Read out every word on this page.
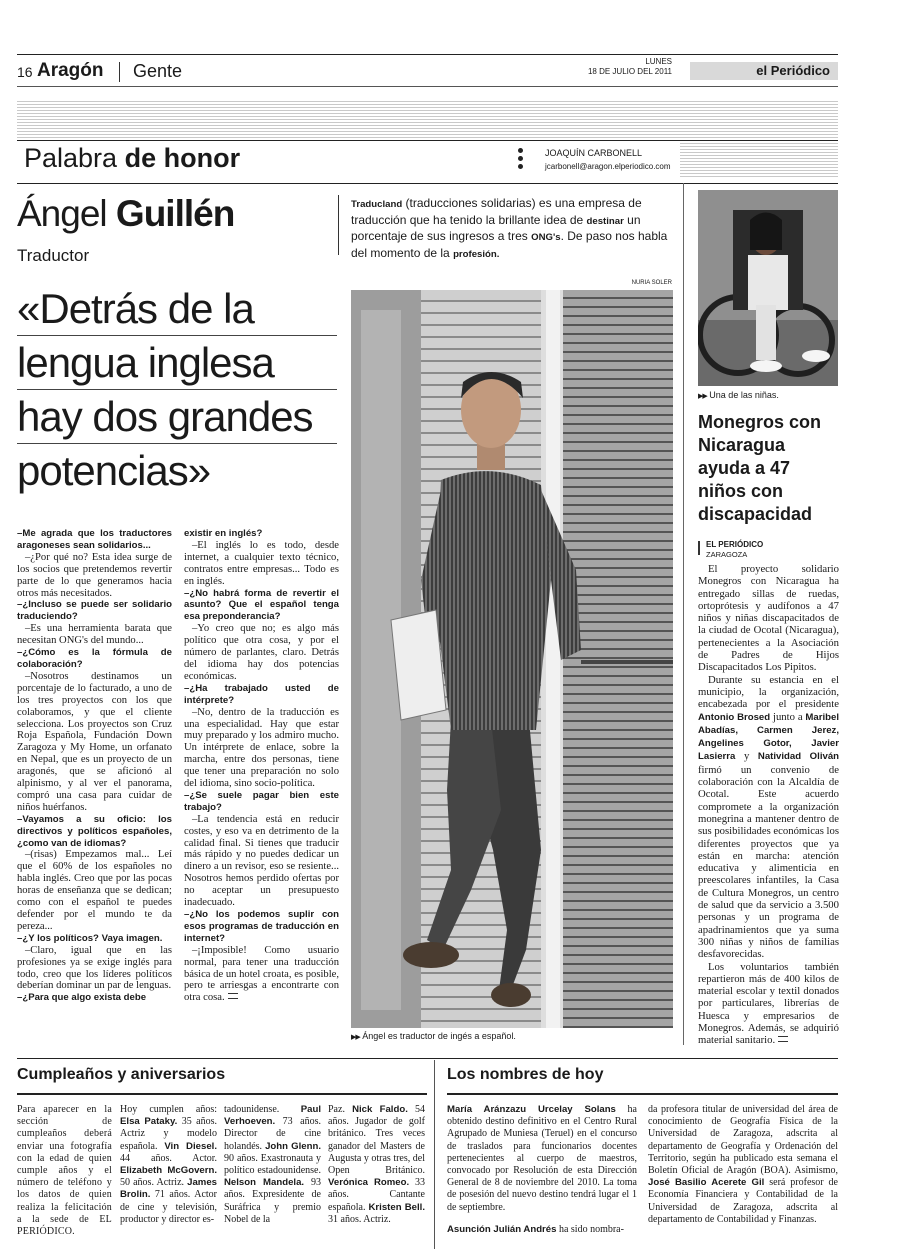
16 Aragón Gente	LUNES
18 DE JULIO DEL 2011	el Periódico
Palabra de honor	JOAQUÍN CARBONELL
jcarbonell@aragon.elperiodico.com
Ángel Guillén
Traductor

Traducland (traducciones solidarias) es una empresa de traducción que ha tenido la brillante idea de destinar un porcentaje de sus ingresos a tres ONG's. De paso nos habla del momento de la profesión.

«Detrás de la
lengua inglesa
hay dos grandes
potencias»
NURIA SOLER
▶▶ Ángel es traductor de ingés a español.

–Me agrada que los traductores aragoneses sean solidarios...

–¿Por qué no? Esta idea surge de los socios que pretendemos revertir parte de lo que generamos hacia otros más necesitados.

–¿Incluso se puede ser solidario traduciendo?

–Es una herramienta barata que necesitan ONG's del mundo...

–¿Cómo es la fórmula de colaboración?

–Nosotros destinamos un porcentaje de lo facturado, a uno de los tres proyectos con los que colaboramos, y que el cliente selecciona. Los proyectos son Cruz Roja Española, Fundación Down Zaragoza y My Home, un orfanato en Nepal, que es un proyecto de un aragonés, que se aficionó al alpinismo, y al ver el panorama, compró una casa para cuidar de niños huérfanos.

–Vayamos a su oficio: los directivos y políticos españoles, ¿como van de idiomas?

–(risas) Empezamos mal... Leí que el 60% de los españoles no habla inglés. Creo que por las pocas horas de enseñanza que se dedican; como con el español te puedes defender por el mundo te da pereza...

–¿Y los políticos? Vaya imagen.

–Claro, igual que en las profesiones ya se exige inglés para todo, creo que los líderes políticos deberían dominar un par de lenguas.

–¿Para que algo exista debe

existir en inglés?

–El inglés lo es todo, desde internet, a cualquier texto técnico, contratos entre empresas... Todo es en inglés.

–¿No habrá forma de revertir el asunto? Que el español tenga esa preponderancia?

–Yo creo que no; es algo más político que otra cosa, y por el número de parlantes, claro. Detrás del idioma hay dos potencias económicas.

–¿Ha trabajado usted de intérprete?

–No, dentro de la traducción es una especialidad. Hay que estar muy preparado y los admiro mucho. Un intérprete de enlace, sobre la marcha, entre dos personas, tiene que tener una preparación no solo del idioma, sino socio-política.

–¿Se suele pagar bien este trabajo?

–La tendencia está en reducir costes, y eso va en detrimento de la calidad final. Si tienes que traducir más rápido y no puedes dedicar un dinero a un revisor, eso se resiente... Nosotros hemos perdido ofertas por no aceptar un presupuesto inadecuado.

–¿No los podemos suplir con esos programas de traducción en internet?

–¡Imposible! Como usuario normal, para tener una traducción básica de un hotel croata, es posible, pero te arriesgas a encontrarte con otra cosa.

▶▶ Una de las niñas.
Monegros con Nicaragua ayuda a 47 niños con discapacidad
EL PERIÓDICO
ZARAGOZA

El proyecto solidario Monegros con Nicaragua ha entregado sillas de ruedas, ortoprótesis y audífonos a 47 niños y niñas discapacitados de la ciudad de Ocotal (Nicaragua), pertenecientes a la Asociación de Padres de Hijos Discapacitados Los Pipitos.

Durante su estancia en el municipio, la organización, encabezada por el presidente Antonio Brosed junto a Maribel Abadías, Carmen Jerez, Angelines Gotor, Javier Lasierra y Natividad Oliván firmó un convenio de colaboración con la Alcaldía de Ocotal. Este acuerdo compromete a la organización monegrina a mantener dentro de sus posibilidades económicas los diferentes proyectos que ya están en marcha: atención educativa y alimenticia en preescolares infantiles, la Casa de Cultura Monegros, un centro de salud que da servicio a 3.500 personas y un programa de apadrinamientos que ya suma 300 niñas y niños de familias desfavorecidas.

Los voluntarios también repartieron más de 400 kilos de material escolar y textil donados por particulares, librerías de Huesca y empresarios de Monegros. Además, se adquirió material sanitario.

Cumpleaños y aniversarios	Los nombres de hoy
Para aparecer en la sección de cumpleaños deberá enviar una fotografía con la edad de quien cumple años y el número de teléfono y los datos de quien realiza la felicitación a la sede de EL PERIÓDICO.

Hoy cumplen años: Elsa Pataky. 35 años. Actriz y modelo española. Vin Diesel. 44 años. Actor. Elizabeth McGovern. 50 años. Actriz. James Brolin. 71 años. Actor de cine y televisión, productor y director es-

tadounidense. Paul Verhoeven. 73 años. Director de cine holandés. John Glenn. 90 años. Exastronauta y político estadounidense. Nelson Mandela. 93 años. Expresidente de Suráfrica y premio Nobel de la

Paz. Nick Faldo. 54 años. Jugador de golf británico. Tres veces ganador del Masters de Augusta y otras tres, del Open Británico. Verónica Romeo. 33 años. Cantante española. Kristen Bell. 31 años. Actriz.

María Aránzazu Urcelay Solans ha obtenido destino definitivo en el Centro Rural Agrupado de Muniesa (Teruel) en el concurso de traslados para funcionarios docentes pertenecientes al cuerpo de maestros, convocado por Resolución de esta Dirección General de 8 de noviembre del 2010. La toma de posesión del nuevo destino tendrá lugar el 1 de septiembre.

Asunción Julián Andrés ha sido nombra-

da profesora titular de universidad del área de conocimiento de Geografía Física de la Universidad de Zaragoza, adscrita al departamento de Geografía y Ordenación del Territorio, según ha publicado esta semana el Boletín Oficial de Aragón (BOA). Asimismo, José Basilio Acerete Gil será profesor de Economía Financiera y Contabilidad de la Universidad de Zaragoza, adscrita al departamento de Contabilidad y Finanzas.
